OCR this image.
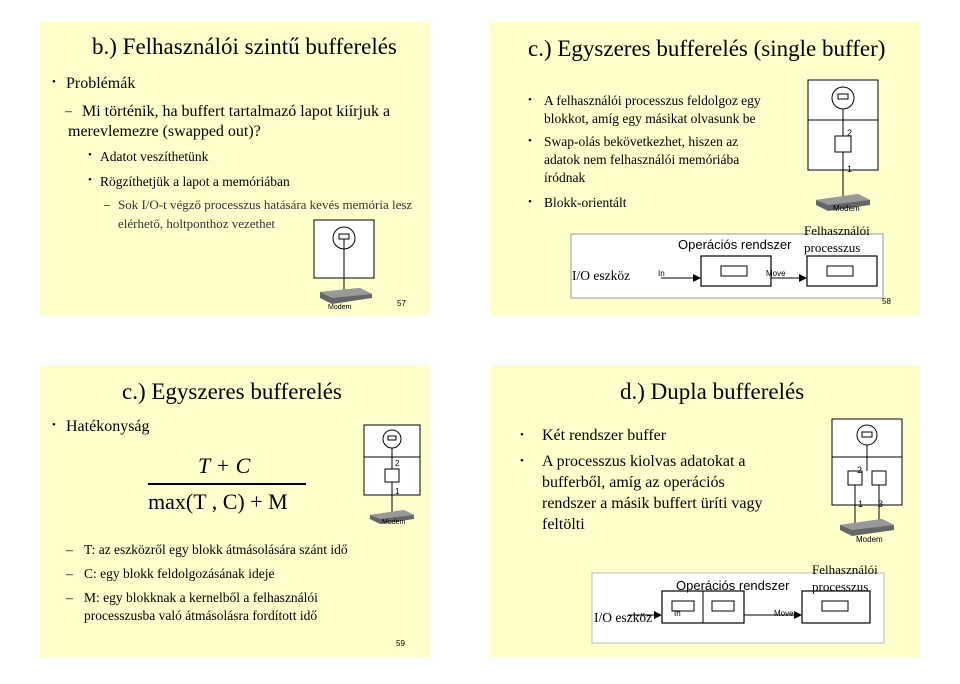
b.) Felhasználói szintű bufferelés
• Problémák
– Mi történik, ha buffert tartalmazó lapot kiírjuk a
merevlemezre (swapped out)?
• Adatot veszíthetünk
• Rögzíthetjük a lapot a memóriában
– Sok I/O-t végző processzus hatására kevés memória lesz
elérhető, holtponthoz vezethet
Modem	57
c.) Egyszeres bufferelés (single buffer)
• A felhasználói processzus feldolgoz egy
blokkot, amíg egy másikat olvasunk be
• Swap-olás bekövetkezhet, hiszen az
adatok nem felhasználói memóriába
íródnak
• Blokk-orientált
2
1
Modem
Operációs rendszer
Felhasználói
processzus
I/O eszköz	In	Move
58
c.) Egyszeres bufferelés
• Hatékonyság
T + C
max(T , C) + M
2
1
Modem
– T: az eszközről egy blokk átmásolására szánt idő
– C: egy blokk feldolgozásának ideje
– M: egy blokknak a kernelből a felhasználói
processzusba való átmásolásra fordított idő
59
d.) Dupla bufferelés
• Két rendszer buffer
• A processzus kiolvas adatokat a
bufferből, amíg az operációs
rendszer a másik buffert üríti vagy
feltölti
2
1 3
Modem
Operációs rendszer
Felhasználói
processzus
I/O eszköz	In	Move
